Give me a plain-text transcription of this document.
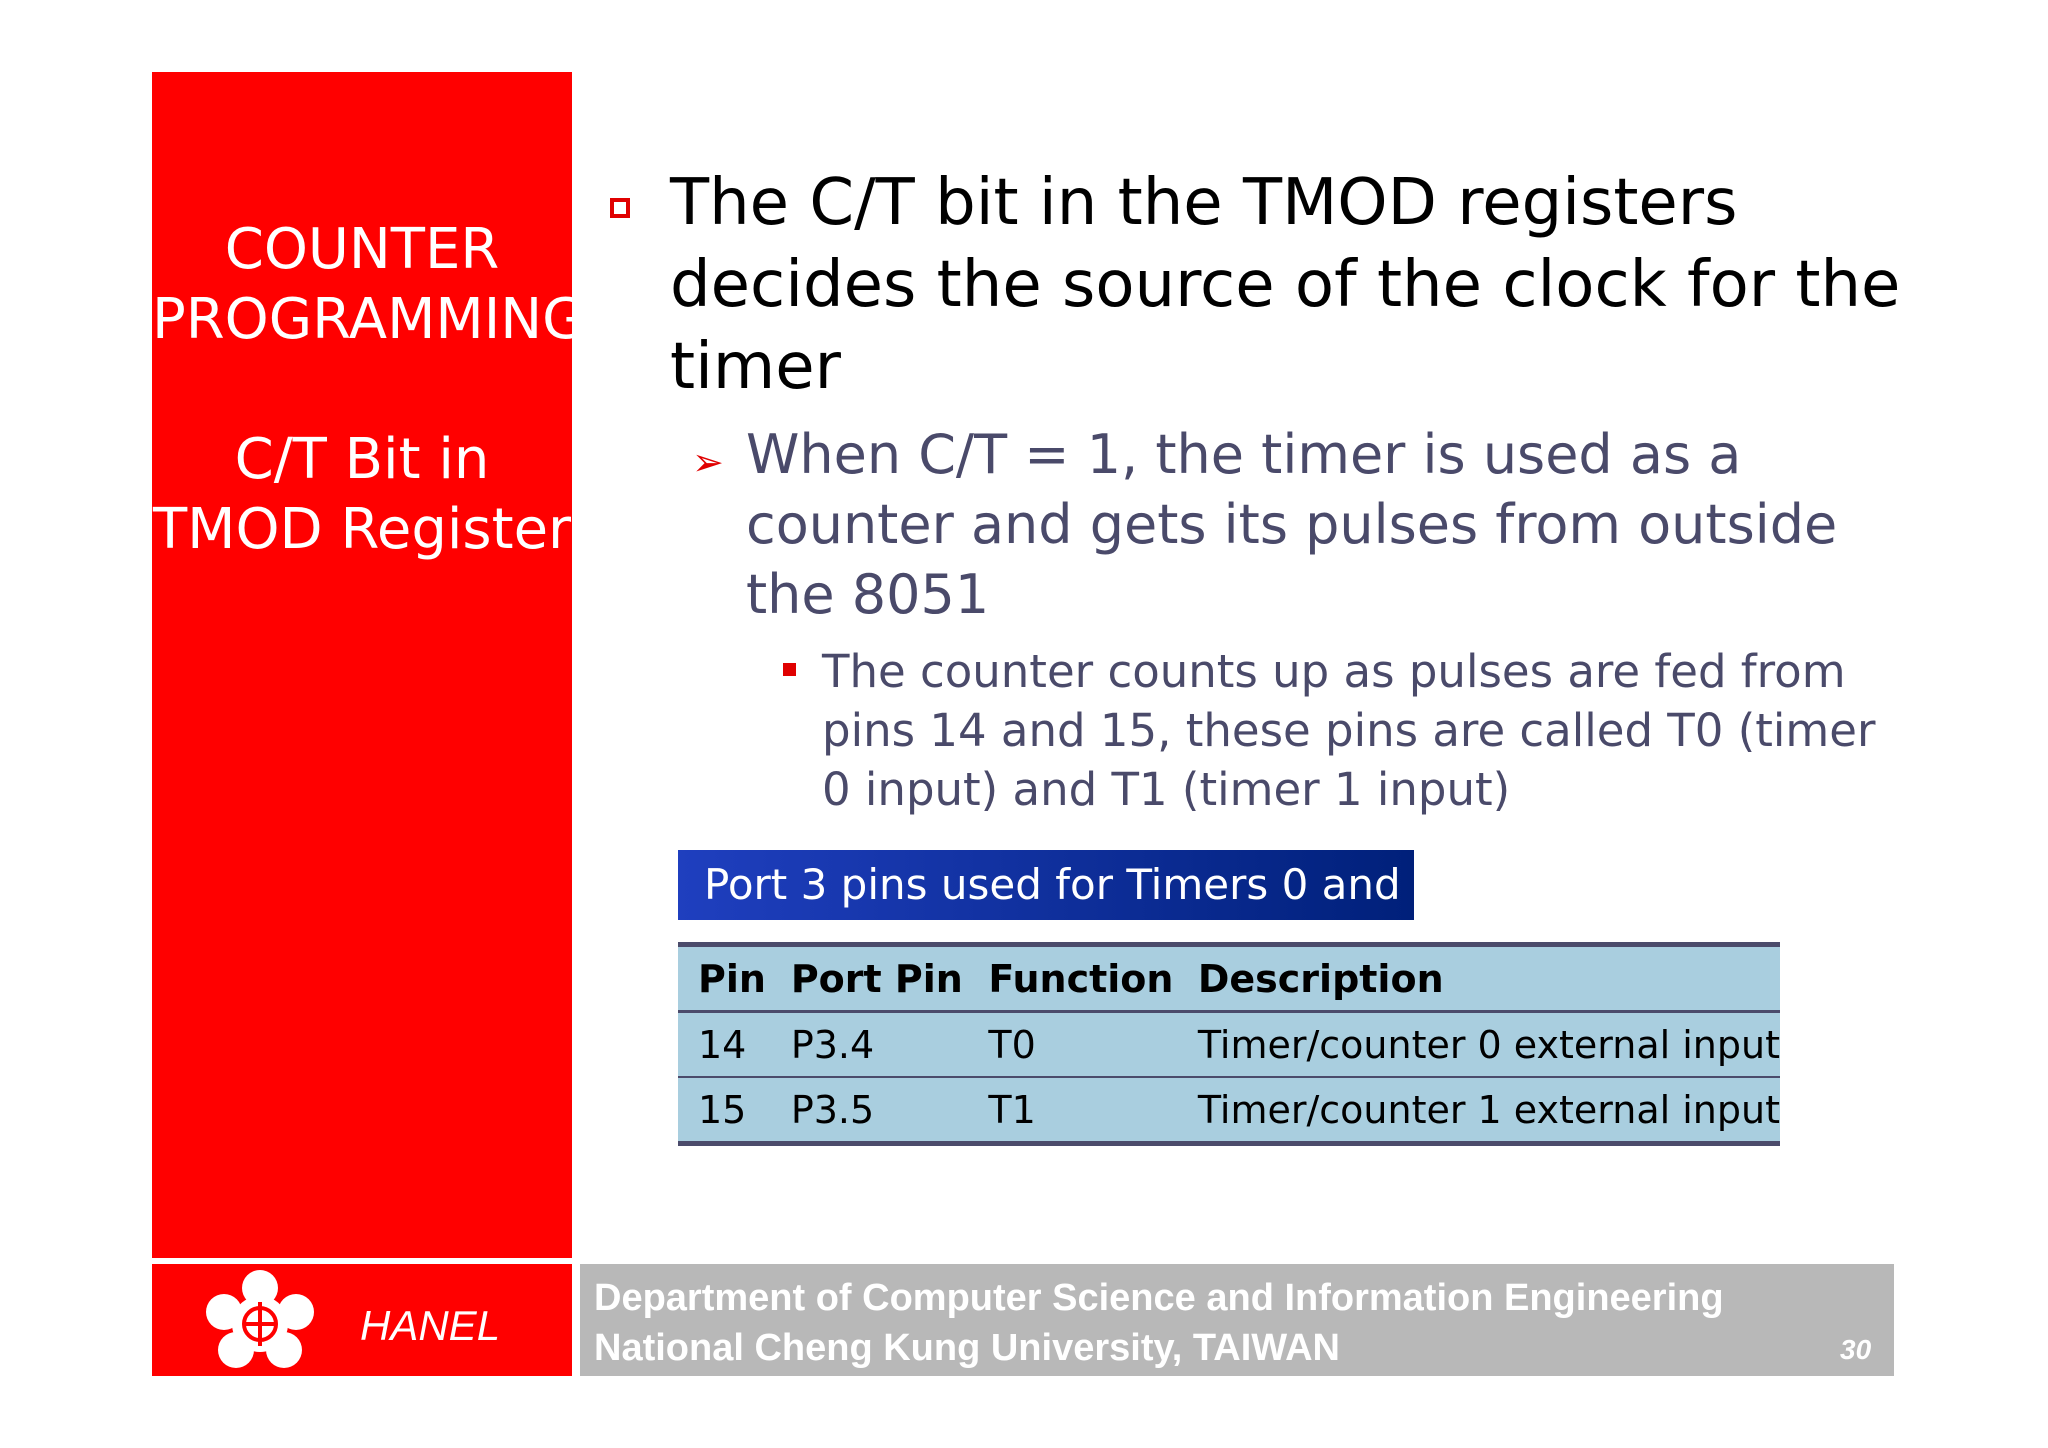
COUNTER
PROGRAMMING
C/T Bit in
TMOD Register
The C/T bit in the TMOD registers
decides the source of the clock for the
timer
➢ When C/T = 1, the timer is used as a
counter and gets its pulses from outside
the 8051
The counter counts up as pulses are fed from
pins 14 and 15, these pins are called T0 (timer
0 input) and T1 (timer 1 input)
Port 3 pins used for Timers 0 and 1
Pin	Port Pin	Function	Description
14	P3.4	T0	Timer/counter 0 external input
15	P3.5	T1	Timer/counter 1 external input
HANEL
Department of Computer Science and Information Engineering
National Cheng Kung University, TAIWAN	30
